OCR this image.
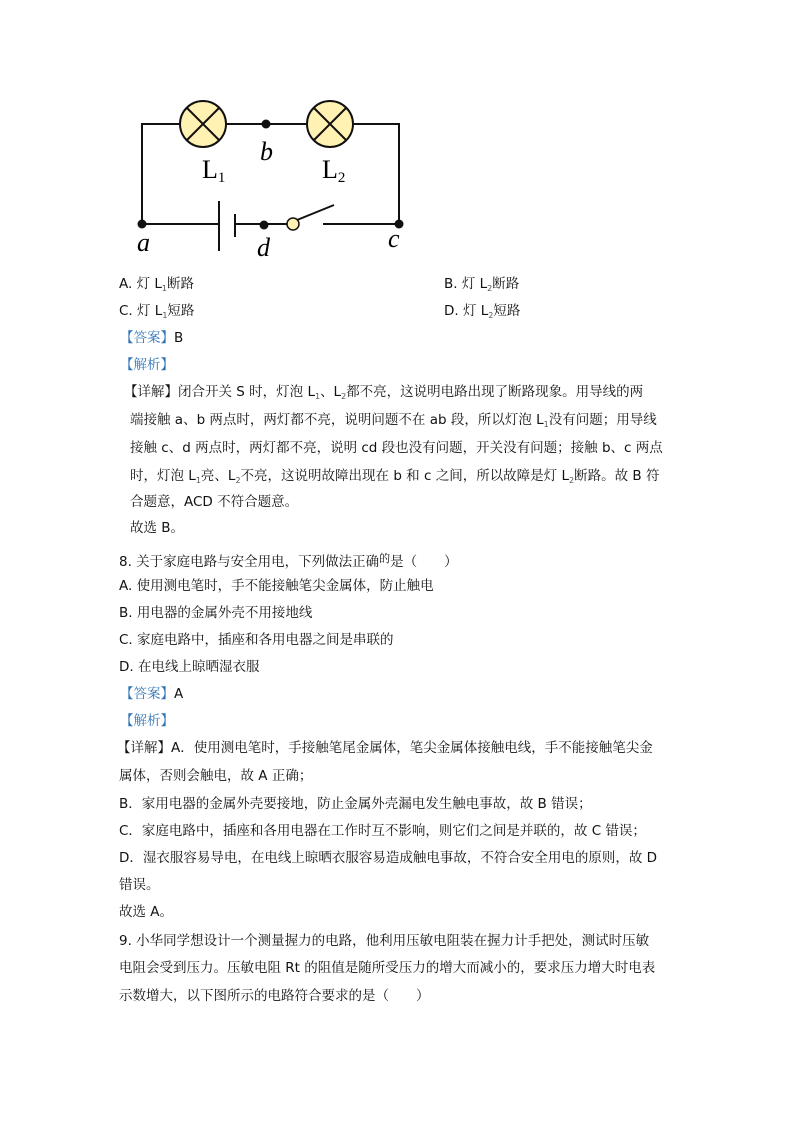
a
b
c
d
L1	L2
A. 灯 $L_1$断路	B. 灯 $L_2$断路
C. 灯 $L_1$短路	D. 灯 $L_2$短路
【答案】B
【解析】
【详解】闭合开关 S 时，灯泡 $L_1$、$L_2$都不亮，这说明电路出现了断路现象。用导线的两
端接触 a、b 两点时，两灯都不亮，说明问题不在 ab 段，所以灯泡 $L_1$没有问题；用导线
接触 c、d 两点时，两灯都不亮，说明 cd 段也没有问题，开关没有问题；接触 b、c 两点
时，灯泡 $L_1$亮、$L_2$不亮，这说明故障出现在 b 和 c 之间，所以故障是灯 $L_2$断路。故 B 符
合题意，ACD 不符合题意。
故选 B。
8. 关于家庭电路与安全用电，下列做法正确$^的$是（　　）
A. 使用测电笔时，手不能接触笔尖金属体，防止触电
B. 用电器的金属外壳不用接地线
C. 家庭电路中，插座和各用电器之间是串联的
D. 在电线上晾晒湿衣服
【答案】A
【解析】
【详解】A．使用测电笔时，手接触笔尾金属体，笔尖金属体接触电线，手不能接触笔尖金
属体，否则会触电，故 A 正确；
B．家用电器的金属外壳要接地，防止金属外壳漏电发生触电事故，故 B 错误；
C．家庭电路中，插座和各用电器在工作时互不影响，则它们之间是并联的，故 C 错误；
D．湿衣服容易导电，在电线上晾晒衣服容易造成触电事故，不符合安全用电的原则，故 D
错误。
故选 A。
9. 小华同学想设计一个测量握力的电路，他利用压敏电阻装在握力计手把处，测试时压敏
电阻会受到压力。压敏电阻 Rt 的阻值是随所受压力的增大而减小的，要求压力增大时电表
示数增大，以下图所示的电路符合要求的是（　　）
